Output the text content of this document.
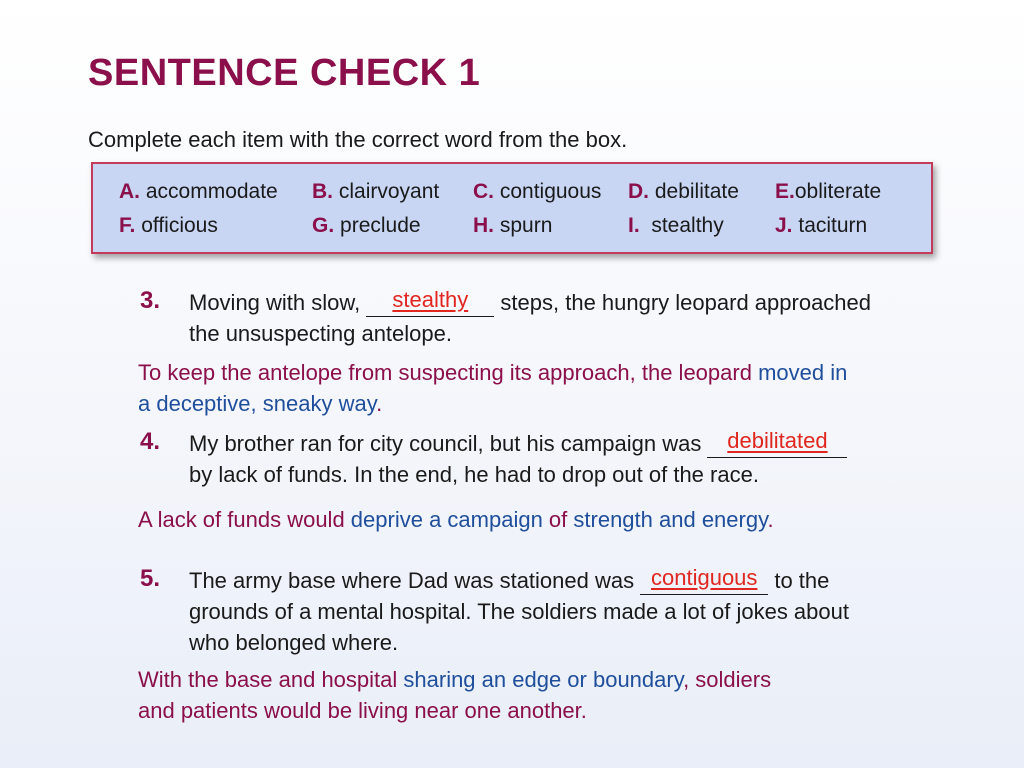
SENTENCE CHECK 1
Complete each item with the correct word from the box.
A. accommodate B. clairvoyant C. contiguous D. debilitate E.obliterate
F. officious	G. preclude H. spurn	I. stealthy J. taciturn
3. Moving with slow,	stealthy	steps, the hungry leopard approached
the unsuspecting antelope.
To keep the antelope from suspecting its approach, the leopard moved in
a deceptive, sneaky way.
4. My brother ran for city council, but his campaign was debilitated

by lack of funds. In the end, he had to drop out of the race.
A lack of funds would deprive a campaign of strength and energy.
5. The army base where Dad was stationed was contiguous to the
grounds of a mental hospital. The soldiers made a lot of jokes about
who belonged where.
With the base and hospital sharing an edge or boundary, soldiers
and patients would be living near one another.
